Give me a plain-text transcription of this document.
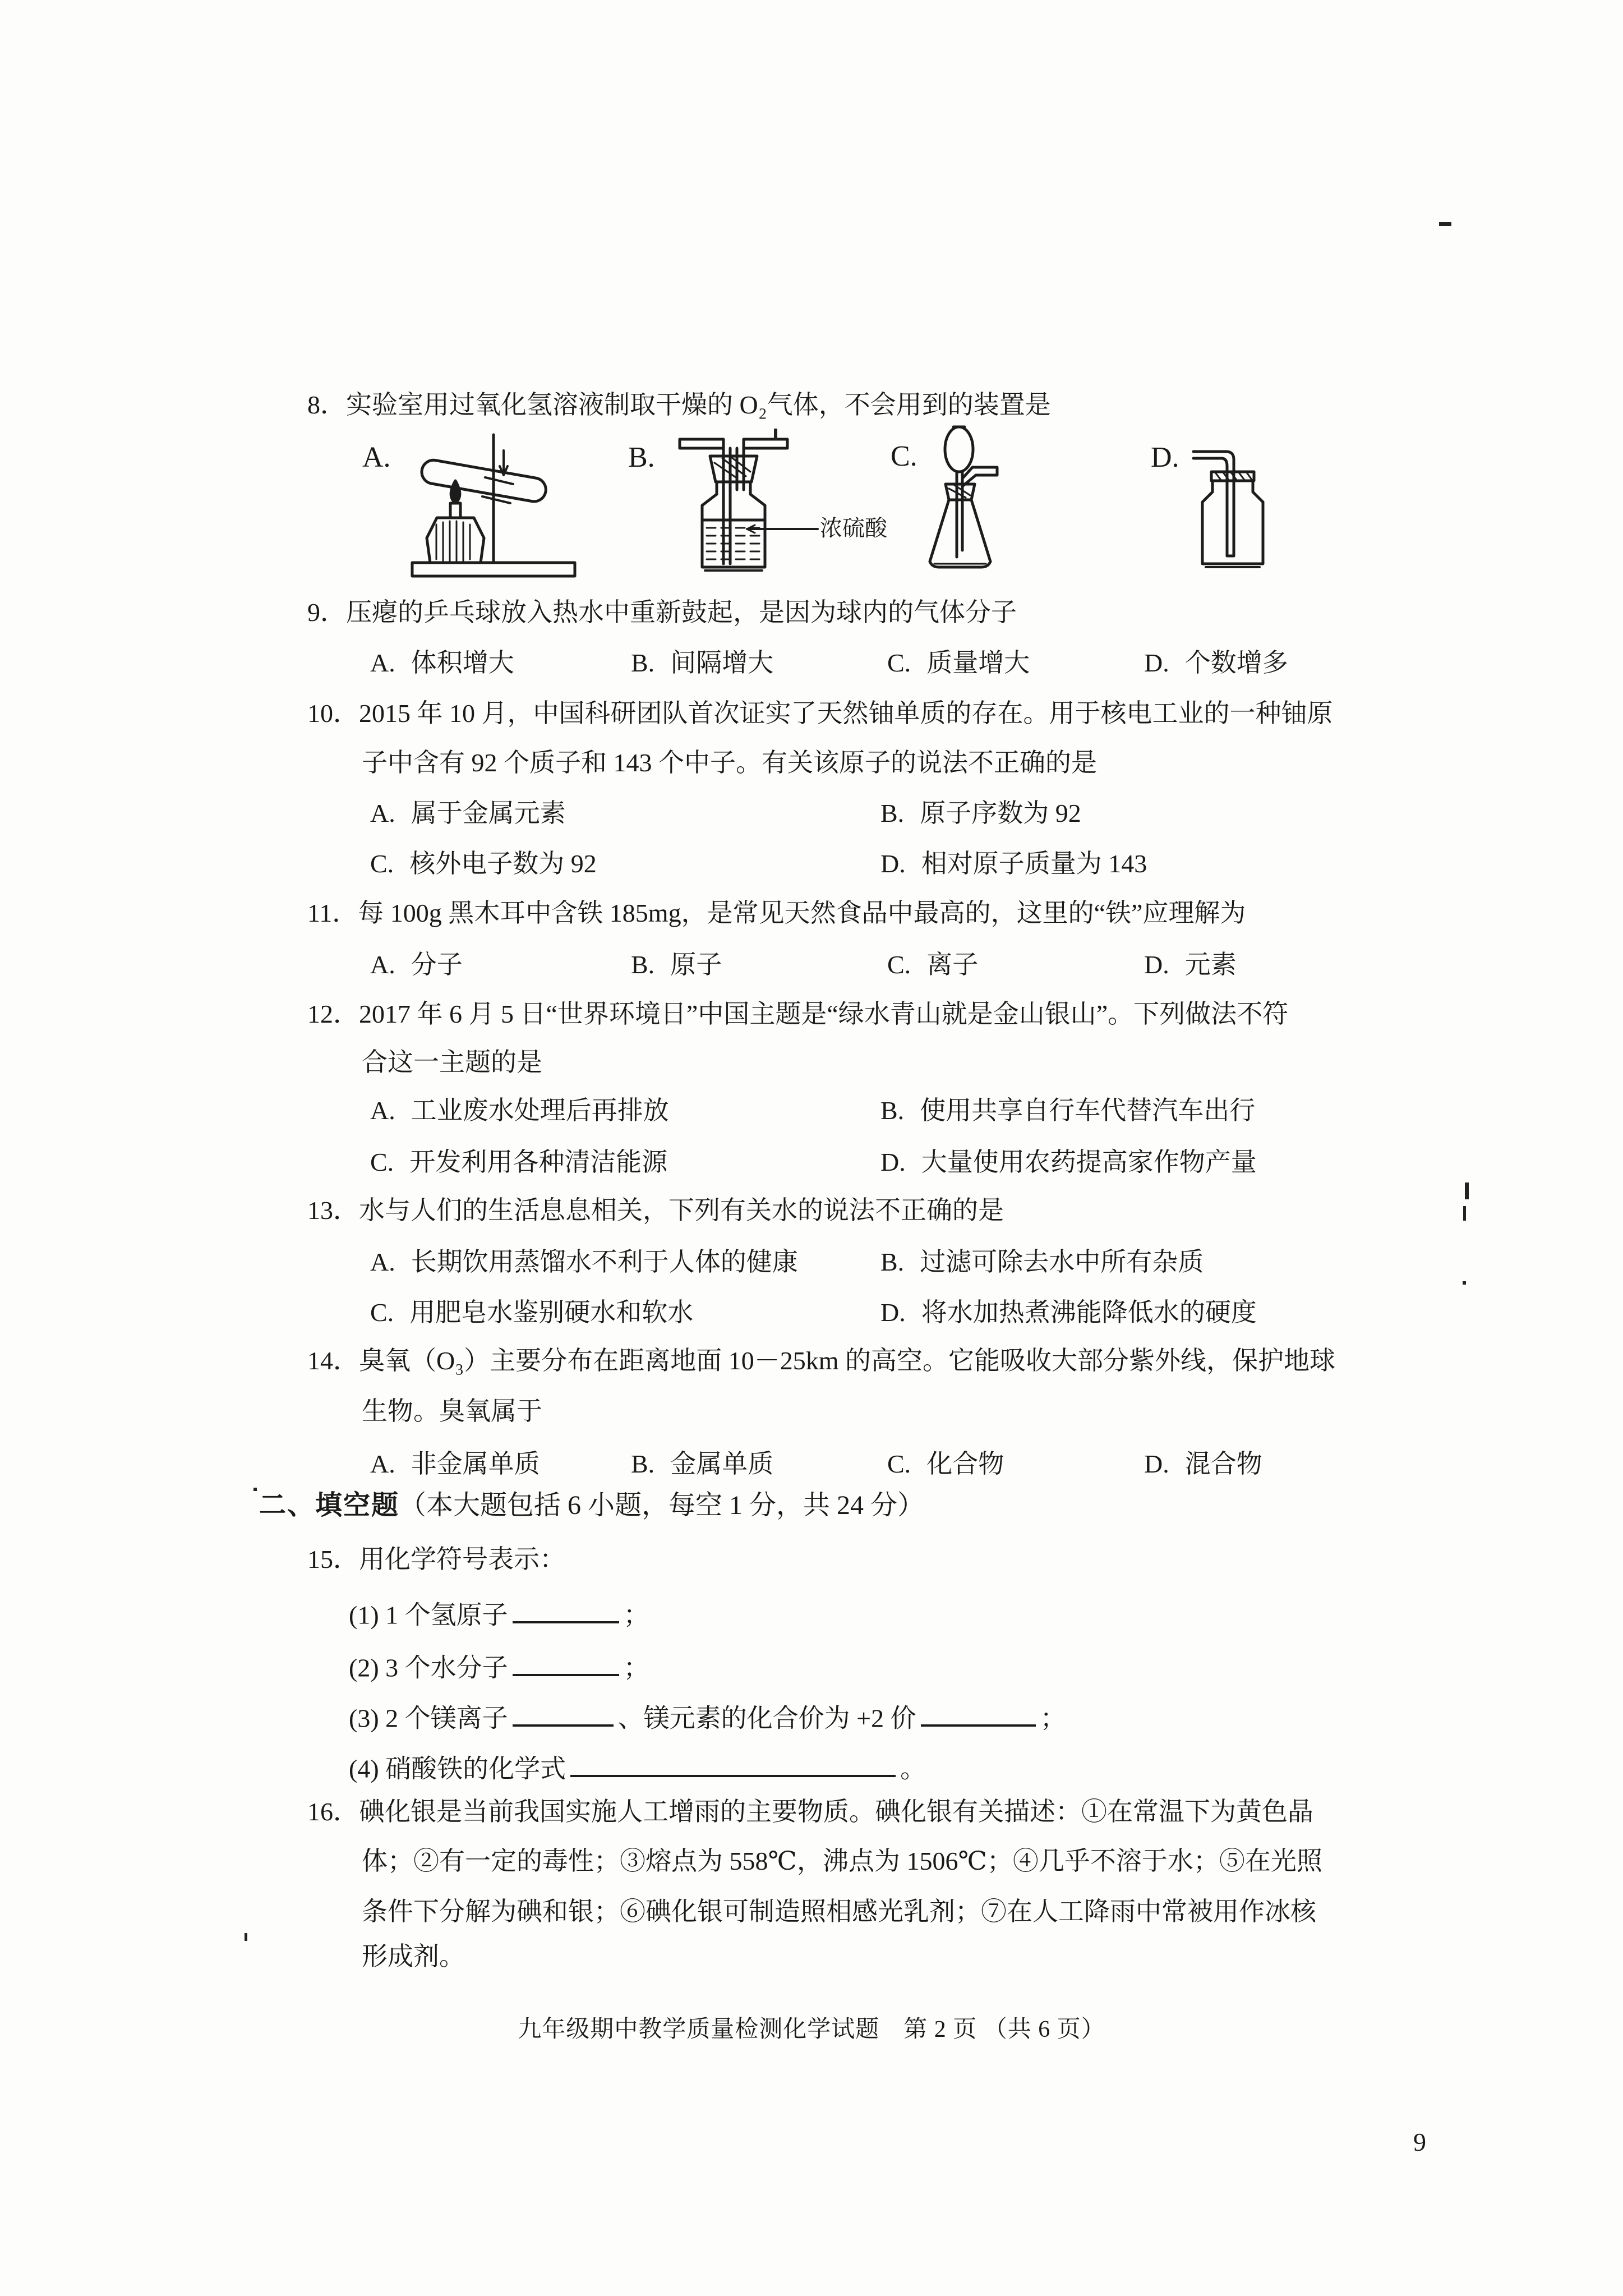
8．实验室用过氧化氢溶液制取干燥的 O₂气体，不会用到的装置是
A.	B.	C.	D.
浓硫酸
9．压瘪的乒乓球放入热水中重新鼓起，是因为球内的气体分子
A. 体积增大	B. 间隔增大	C. 质量增大	D. 个数增多
10．2015 年 10 月，中国科研团队首次证实了天然铀单质的存在。用于核电工业的一种铀原
子中含有 92 个质子和 143 个中子。有关该原子的说法不正确的是
A. 属于金属元素	B. 原子序数为 92
C. 核外电子数为 92	D. 相对原子质量为 143
11．每 100g 黑木耳中含铁 185mg，是常见天然食品中最高的，这里的“铁”应理解为
A. 分子	B. 原子	C. 离子	D. 元素
12．2017 年 6 月 5 日“世界环境日”中国主题是“绿水青山就是金山银山”。下列做法不符
合这一主题的是
A. 工业废水处理后再排放	B. 使用共享自行车代替汽车出行
C. 开发利用各种清洁能源	D. 大量使用农药提高家作物产量
13．水与人们的生活息息相关，下列有关水的说法不正确的是
A. 长期饮用蒸馏水不利于人体的健康	B. 过滤可除去水中所有杂质
C. 用肥皂水鉴别硬水和软水	D. 将水加热煮沸能降低水的硬度
14．臭氧（O₃）主要分布在距离地面 10－25km 的高空。它能吸收大部分紫外线，保护地球
生物。臭氧属于
A. 非金属单质	B. 金属单质	C. 化合物	D. 混合物
二、填空题（本大题包括 6 小题，每空 1 分，共 24 分）
15．用化学符号表示：
(1) 1 个氢原子	；
(2) 3 个水分子	；
(3) 2 个镁离子	、镁元素的化合价为 +2 价	；
(4) 硝酸铁的化学式	。
16．碘化银是当前我国实施人工增雨的主要物质。碘化银有关描述：①在常温下为黄色晶
体；②有一定的毒性；③熔点为 558℃，沸点为 1506℃；④几乎不溶于水；⑤在光照
条件下分解为碘和银；⑥碘化银可制造照相感光乳剂；⑦在人工降雨中常被用作冰核
形成剂。
九年级期中教学质量检测化学试题　第 2 页 （共 6 页）
9
